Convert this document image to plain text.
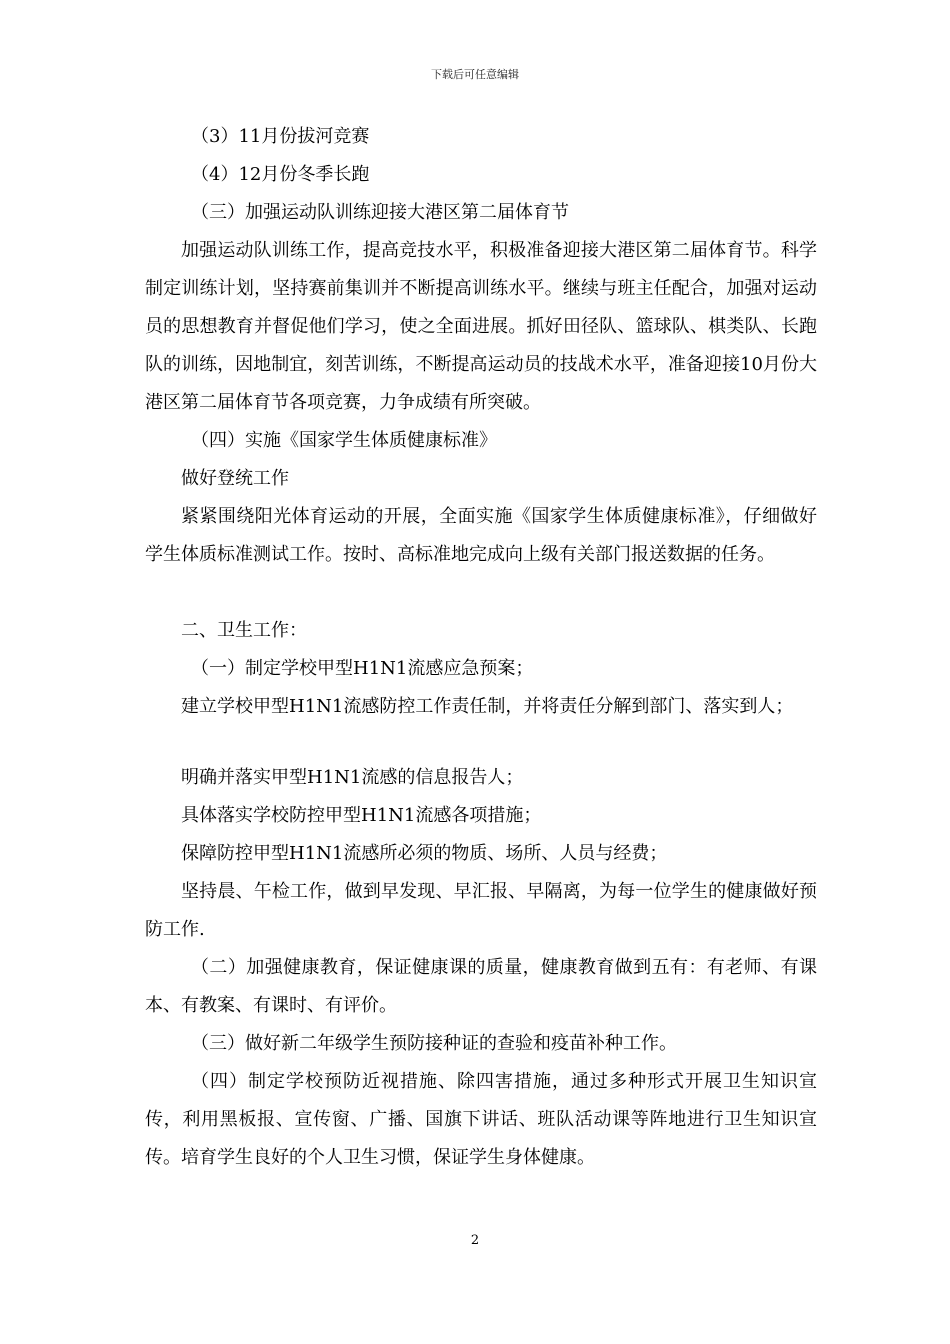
下载后可任意编辑

（3）11月份拔河竞赛

（4）12月份冬季长跑

（三）加强运动队训练迎接大港区第二届体育节

加强运动队训练工作，提高竞技水平，积极准备迎接大港区第二届体育节。科学制定训练计划，坚持赛前集训并不断提高训练水平。继续与班主任配合，加强对运动员的思想教育并督促他们学习，使之全面进展。抓好田径队、篮球队、棋类队、长跑队的训练，因地制宜，刻苦训练，不断提高运动员的技战术水平，准备迎接10月份大港区第二届体育节各项竞赛，力争成绩有所突破。

（四）实施《国家学生体质健康标准》

做好登统工作

紧紧围绕阳光体育运动的开展，全面实施《国家学生体质健康标准》，仔细做好学生体质标准测试工作。按时、高标准地完成向上级有关部门报送数据的任务。

二、卫生工作：

（一）制定学校甲型H1N1流感应急预案；

建立学校甲型H1N1流感防控工作责任制，并将责任分解到部门、落实到人；

明确并落实甲型H1N1流感的信息报告人；

具体落实学校防控甲型H1N1流感各项措施；

保障防控甲型H1N1流感所必须的物质、场所、人员与经费；

坚持晨、午检工作，做到早发现、早汇报、早隔离，为每一位学生的健康做好预防工作.

（二）加强健康教育，保证健康课的质量，健康教育做到五有：有老师、有课本、有教案、有课时、有评价。

（三）做好新二年级学生预防接种证的查验和疫苗补种工作。

（四）制定学校预防近视措施、除四害措施，通过多种形式开展卫生知识宣传，利用黑板报、宣传窗、广播、国旗下讲话、班队活动课等阵地进行卫生知识宣传。培育学生良好的个人卫生习惯，保证学生身体健康。

2
